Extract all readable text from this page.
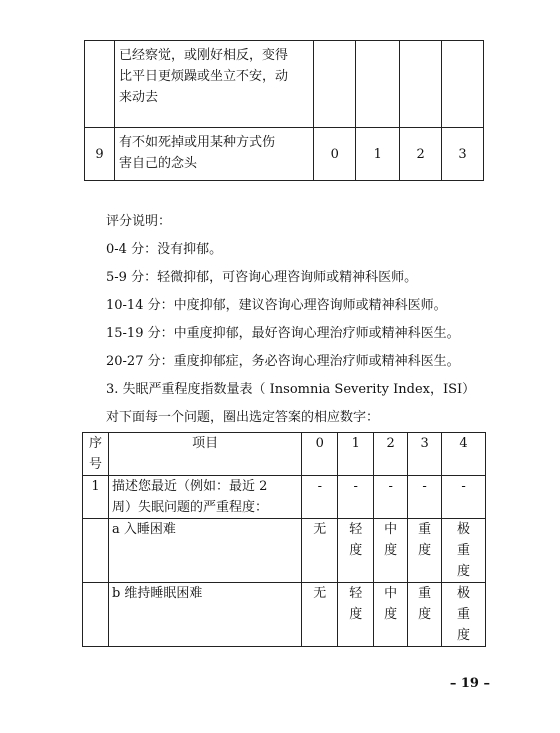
	已经察觉，或刚好相反，变得
比平日更烦躁或坐立不安，动
来动去				

9	有不如死掉或用某种方式伤
害自己的念头	0	1	2	3
评分说明：
0-4 分：没有抑郁。
5-9 分：轻微抑郁，可咨询心理咨询师或精神科医师。
10-14 分：中度抑郁，建议咨询心理咨询师或精神科医师。
15-19 分：中重度抑郁，最好咨询心理治疗师或精神科医生。
20-27 分：重度抑郁症，务必咨询心理治疗师或精神科医生。
3. 失眠严重程度指数量表（ Insomnia Severity Index，ISI）
对下面每一个问题，圈出选定答案的相应数字：
序号	项目	0	1	2	3	4
1	描述您最近（例如：最近 2
周）失眠问题的严重程度：	-	-	-	-	-
	a 入睡困难	无	轻度	中度	重度	极重度
	b 维持睡眠困难	无	轻度	中度	重度	极重度
– 19 –
